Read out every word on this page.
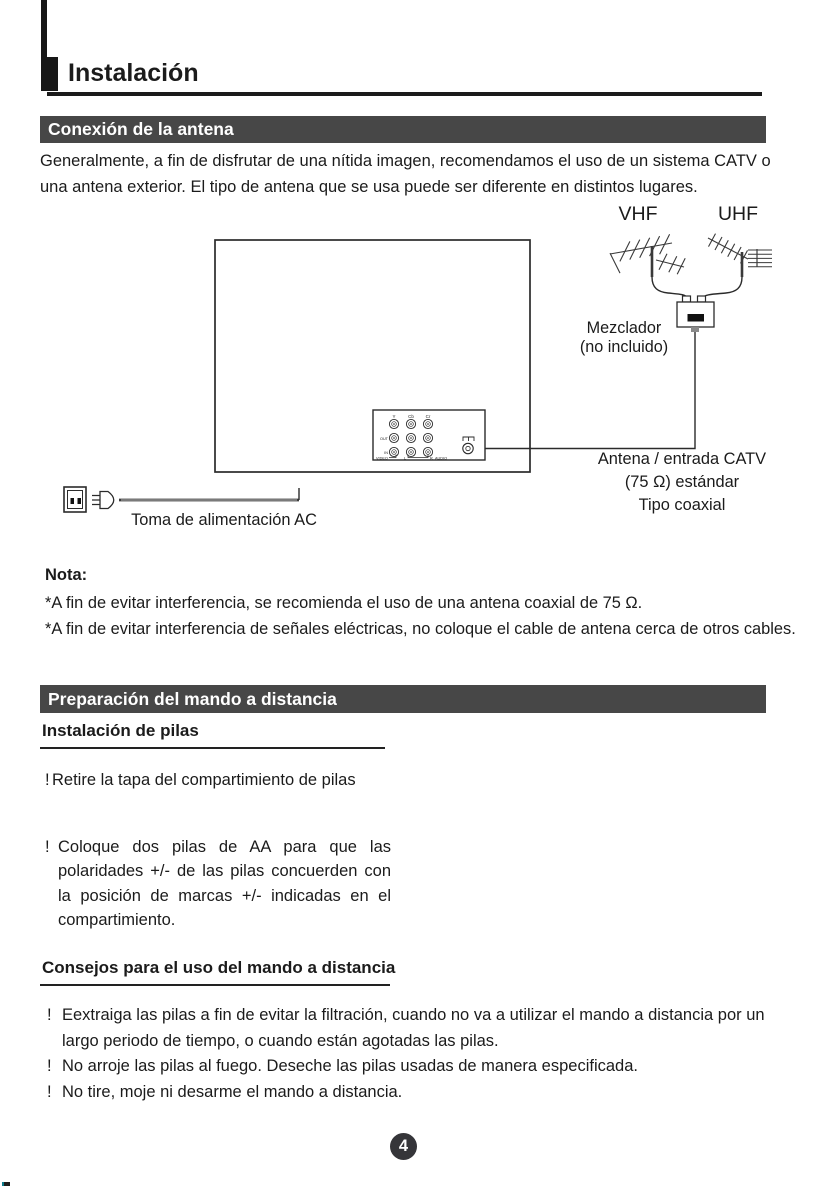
Instalación
Conexión de la antena
Generalmente, a fin de disfrutar de una nítida imagen, recomendamos el uso de un sistema CATV o una antena exterior. El tipo de antena que se usa puede ser diferente en distintos lugares.
Y	Cb	Cr
OUT
IN
VIDEO	L	R AUDIO
VHF	UHF
Mezclador
(no incluido)
Antena / entrada CATV
(75 Ω) estándar
Tipo coaxial
Toma de alimentación AC
Nota:
*A fin de evitar interferencia, se recomienda el uso de una antena coaxial de 75 Ω.
*A fin de evitar interferencia de señales eléctricas, no coloque el cable de antena cerca de otros cables.
Preparación del mando a distancia
Instalación de pilas
! Retire la tapa del compartimiento de pilas
! Coloque dos pilas de AA para que las polaridades +/- de las pilas concuerden con la posición de marcas +/- indicadas en el compartimiento.
Consejos para el uso del mando a distancia
! Eextraiga las pilas a fin de evitar la filtración, cuando no va a utilizar el mando a distancia por un largo periodo de tiempo, o cuando están agotadas las pilas.
! No arroje las pilas al fuego. Deseche las pilas usadas de manera especificada.
! No tire, moje ni desarme el mando a distancia.
4
